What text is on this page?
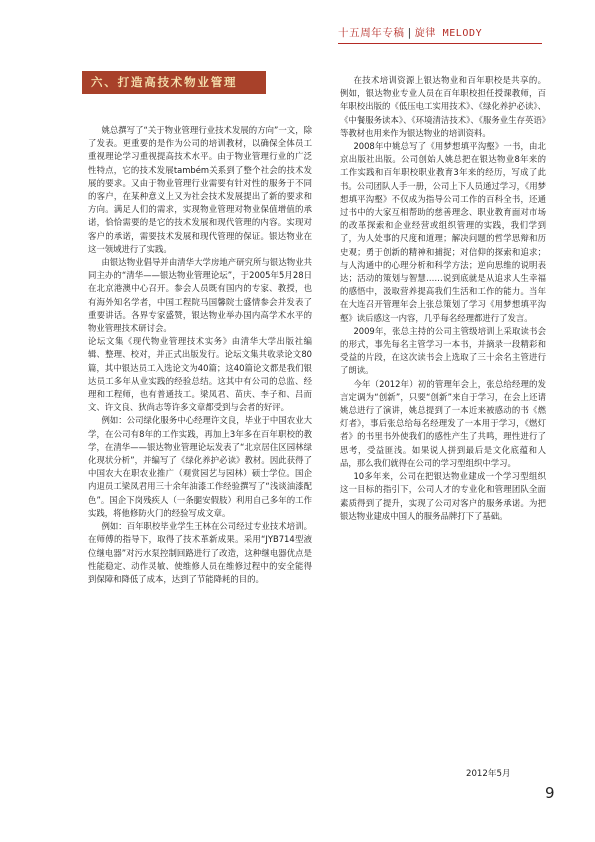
十五周年专稿 | 旋律 MELODY
六、打造高技术物业管理

姚总撰写了“关于物业管理行业技术发展的方向”一文，除了发表。更重要的是作为公司的培训教材，以确保全体员工重视理论学习重视提高技术水平。由于物业管理行业的广泛性特点，它的技术发展também关系到了整个社会的技术发展的要求。又由于物业管理行业需要有针对性的服务于不同的客户，在某种意义上又为社会技术发展提出了新的要求和方向。满足人们的需求，实现物业管理对物业保值增值的承诺，恰恰需要的是它的技术发展和现代管理的内容。实现对客户的承诺，需要技术发展和现代管理的保证。银达物业在这一领域进行了实践。

由银达物业倡导并由清华大学房地产研究所与银达物业共同主办的“清华——银达物业管理论坛”，于2005年5月28日在北京港澳中心召开。参会人员既有国内的专家、教授，也有海外知名学者，中国工程院马国馨院士盛情参会并发表了重要讲话。各界专家盛赞，银达物业举办国内高学术水平的物业管理技术研讨会。

论坛文集《现代物业管理技术实务》由清华大学出版社编辑、整理、校对，并正式出版发行。论坛文集共收录论文80篇，其中银达员工入选论文为40篇；这40篇论文都是我们银达员工多年从业实践的经验总结。这其中有公司的总监、经理和工程师，也有普通技工。梁凤君、苗庆、李子和、吕而文、许文良、狄尚志等许多文章都受到与会者的好评。

例如：公司绿化服务中心经理许文良，毕业于中国农业大学，在公司有8年的工作实践，再加上3年多在百年职校的教学，在清华——银达物业管理论坛发表了“北京居住区园林绿化现状分析”，并编写了《绿化养护必读》教材。因此获得了中国农大在职农业推广（观赏园艺与园林）硕士学位。国企内退员工梁凤君用三十余年油漆工作经验撰写了“浅谈油漆配色”。国企下岗残疾人（一条腿安假肢）利用自己多年的工作实践，将他修防火门的经验写成文章。

例如：百年职校毕业学生王林在公司经过专业技术培训。在师傅的指导下，取得了技术革新成果。采用“JYB714型液位继电器”对污水泵控制回路进行了改造，这种继电器优点是性能稳定、动作灵敏、使维修人员在维修过程中的安全能得到保障和降低了成本，达到了节能降耗的目的。

在技术培训资源上银达物业和百年职校是共享的。例如，银达物业专业人员在百年职校担任授课教师，百年职校出版的《低压电工实用技术》、《绿化养护必读》、《中餐服务读本》、《环境清洁技术》、《服务业生存英语》等教材也用来作为银达物业的培训资料。

2008年中姚总写了《用梦想填平沟壑》一书，由北京出版社出版。公司创始人姚总把在银达物业8年来的工作实践和百年职校职业教育3年来的经历，写成了此书。公司团队人手一册，公司上下人员通过学习，《用梦想填平沟壑》不仅成为指导公司工作的百科全书，还通过书中的大家互相帮助的慈善理念、职业教育面对市场的改革探索和企业经营或组织管理的实践，我们学到了，为人处事的尺度和道理；解决问题的哲学思辩和历史观；勇于创新的精神和捕捉；对信仰的探索和追求；与人沟通中的心理分析和科学方法；逆向思维的说明表达；活动的策划与智慧……说到底就是从追求人生幸福的感悟中，汲取营养提高我们生活和工作的能力。当年在大连召开管理年会上张总策划了学习《用梦想填平沟壑》读后感这一内容，几乎每名经理都进行了发言。

2009年，张总主持的公司主管级培训上采取读书会的形式，事先每名主管学习一本书，并摘录一段精彩和受益的片段，在这次读书会上选取了三十余名主管进行了朗读。

今年（2012年）初的管理年会上，张总给经理的发言定调为“创新”，只要“创新”来自于学习，在会上还请姚总进行了演讲，姚总提到了一本近来被感动的书《燃灯者》，事后张总给每名经理发了一本用于学习，《燃灯者》的书里书外使我们的感性产生了共鸣，理性进行了思考，受益匪浅。如果说人拼到最后是文化底蕴和人品，那么我们就得在公司的学习型组织中学习。

10多年来，公司在把银达物业建成一个学习型组织这一目标的指引下，公司人才的专业化和管理团队全面素质得到了提升，实现了公司对客户的服务承诺。为把银达物业建成中国人的服务品牌打下了基础。

2012年5月
9
